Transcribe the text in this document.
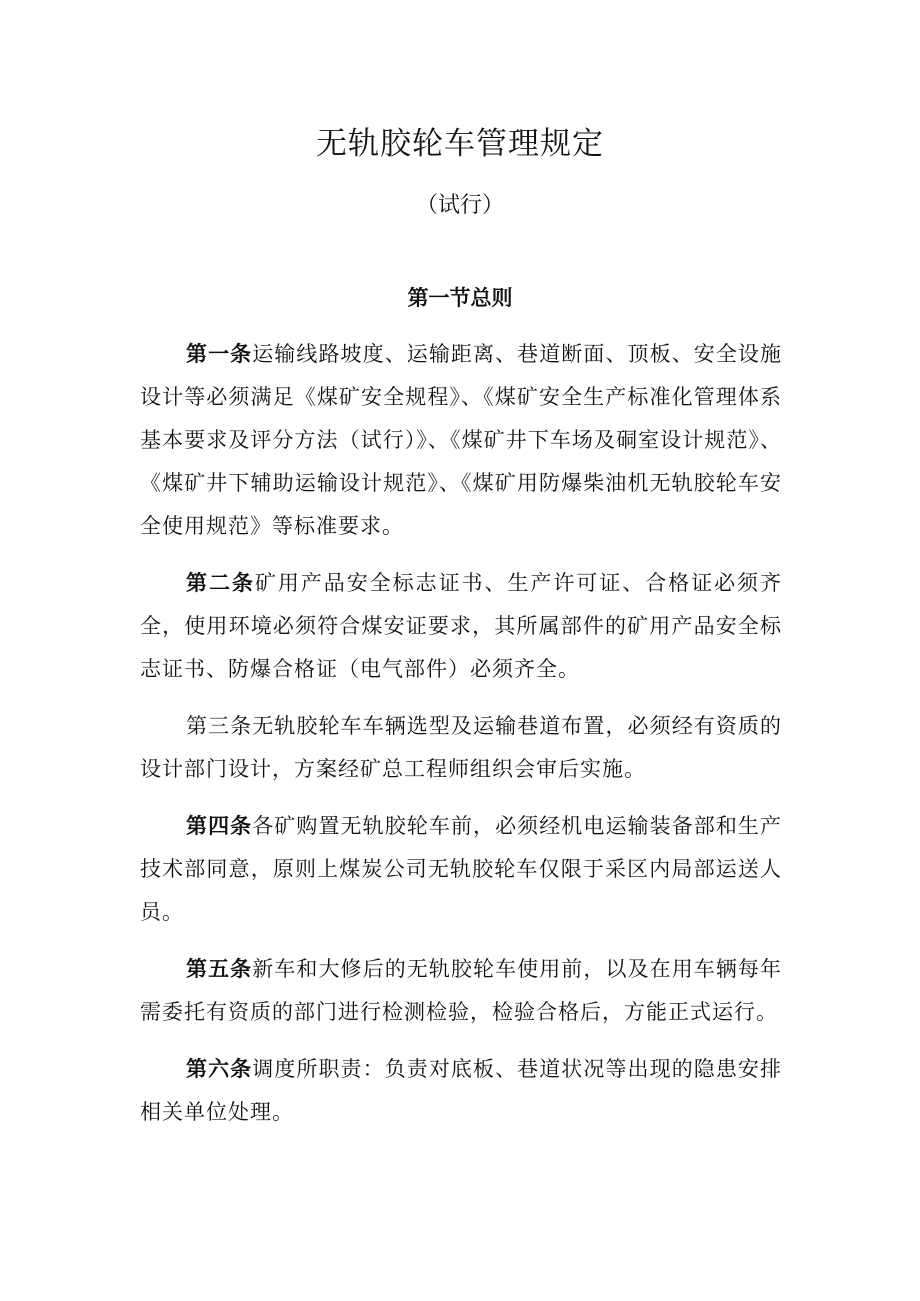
无轨胶轮车管理规定

（试行）

第一节总则

第一条运输线路坡度、运输距离、巷道断面、顶板、安全设施设计等必须满足《煤矿安全规程》、《煤矿安全生产标准化管理体系基本要求及评分方法（试行）》、《煤矿井下车场及硐室设计规范》、《煤矿井下辅助运输设计规范》、《煤矿用防爆柴油机无轨胶轮车安全使用规范》等标准要求。

第二条矿用产品安全标志证书、生产许可证、合格证必须齐全，使用环境必须符合煤安证要求，其所属部件的矿用产品安全标志证书、防爆合格证（电气部件）必须齐全。

第三条无轨胶轮车车辆选型及运输巷道布置，必须经有资质的设计部门设计，方案经矿总工程师组织会审后实施。

第四条各矿购置无轨胶轮车前，必须经机电运输装备部和生产技术部同意，原则上煤炭公司无轨胶轮车仅限于采区内局部运送人员。

第五条新车和大修后的无轨胶轮车使用前，以及在用车辆每年需委托有资质的部门进行检测检验，检验合格后，方能正式运行。

第六条调度所职责：负责对底板、巷道状况等出现的隐患安排相关单位处理。
